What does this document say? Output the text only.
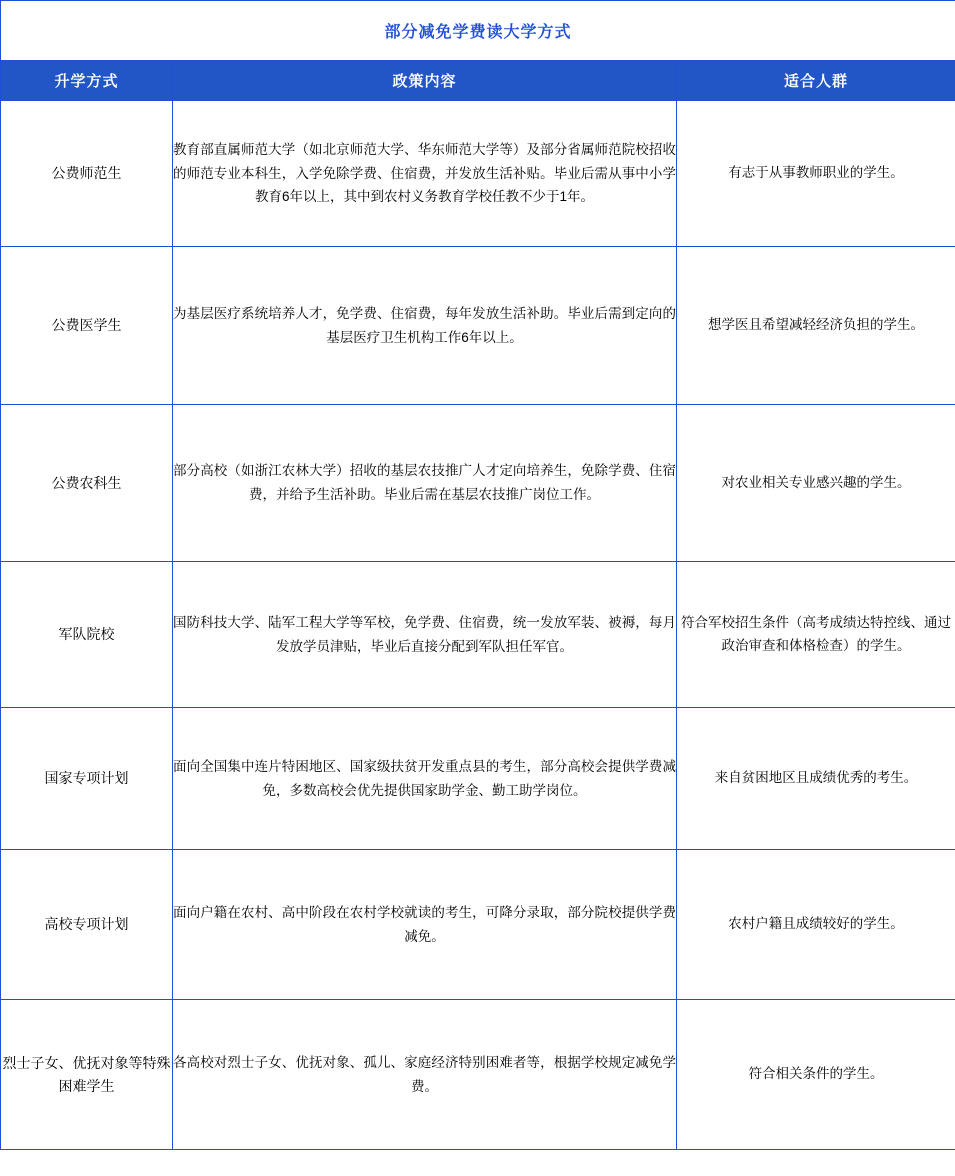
部分减免学费读大学方式		
升学方式	政策内容	适合人群
公费师范生	教育部直属师范大学（如北京师范大学、华东师范大学等）及部分省属师范院校招收的师范专业本科生，入学免除学费、住宿费，并发放生活补贴。毕业后需从事中小学教育6年以上，其中到农村义务教育学校任教不少于1年。	有志于从事教师职业的学生。
公费医学生	为基层医疗系统培养人才，免学费、住宿费，每年发放生活补助。毕业后需到定向的基层医疗卫生机构工作6年以上。	想学医且希望减轻经济负担的学生。
公费农科生	部分高校（如浙江农林大学）招收的基层农技推广人才定向培养生，免除学费、住宿费，并给予生活补助。毕业后需在基层农技推广岗位工作。	对农业相关专业感兴趣的学生。
军队院校	国防科技大学、陆军工程大学等军校，免学费、住宿费，统一发放军装、被褥，每月发放学员津贴，毕业后直接分配到军队担任军官。	符合军校招生条件（高考成绩达特控线、通过政治审查和体格检查）的学生。
国家专项计划	面向全国集中连片特困地区、国家级扶贫开发重点县的考生，部分高校会提供学费减免，多数高校会优先提供国家助学金、勤工助学岗位。	来自贫困地区且成绩优秀的考生。
高校专项计划	面向户籍在农村、高中阶段在农村学校就读的考生，可降分录取，部分院校提供学费减免。	农村户籍且成绩较好的学生。
烈士子女、优抚对象等特殊困难学生	各高校对烈士子女、优抚对象、孤儿、家庭经济特别困难者等，根据学校规定减免学费。	符合相关条件的学生。
